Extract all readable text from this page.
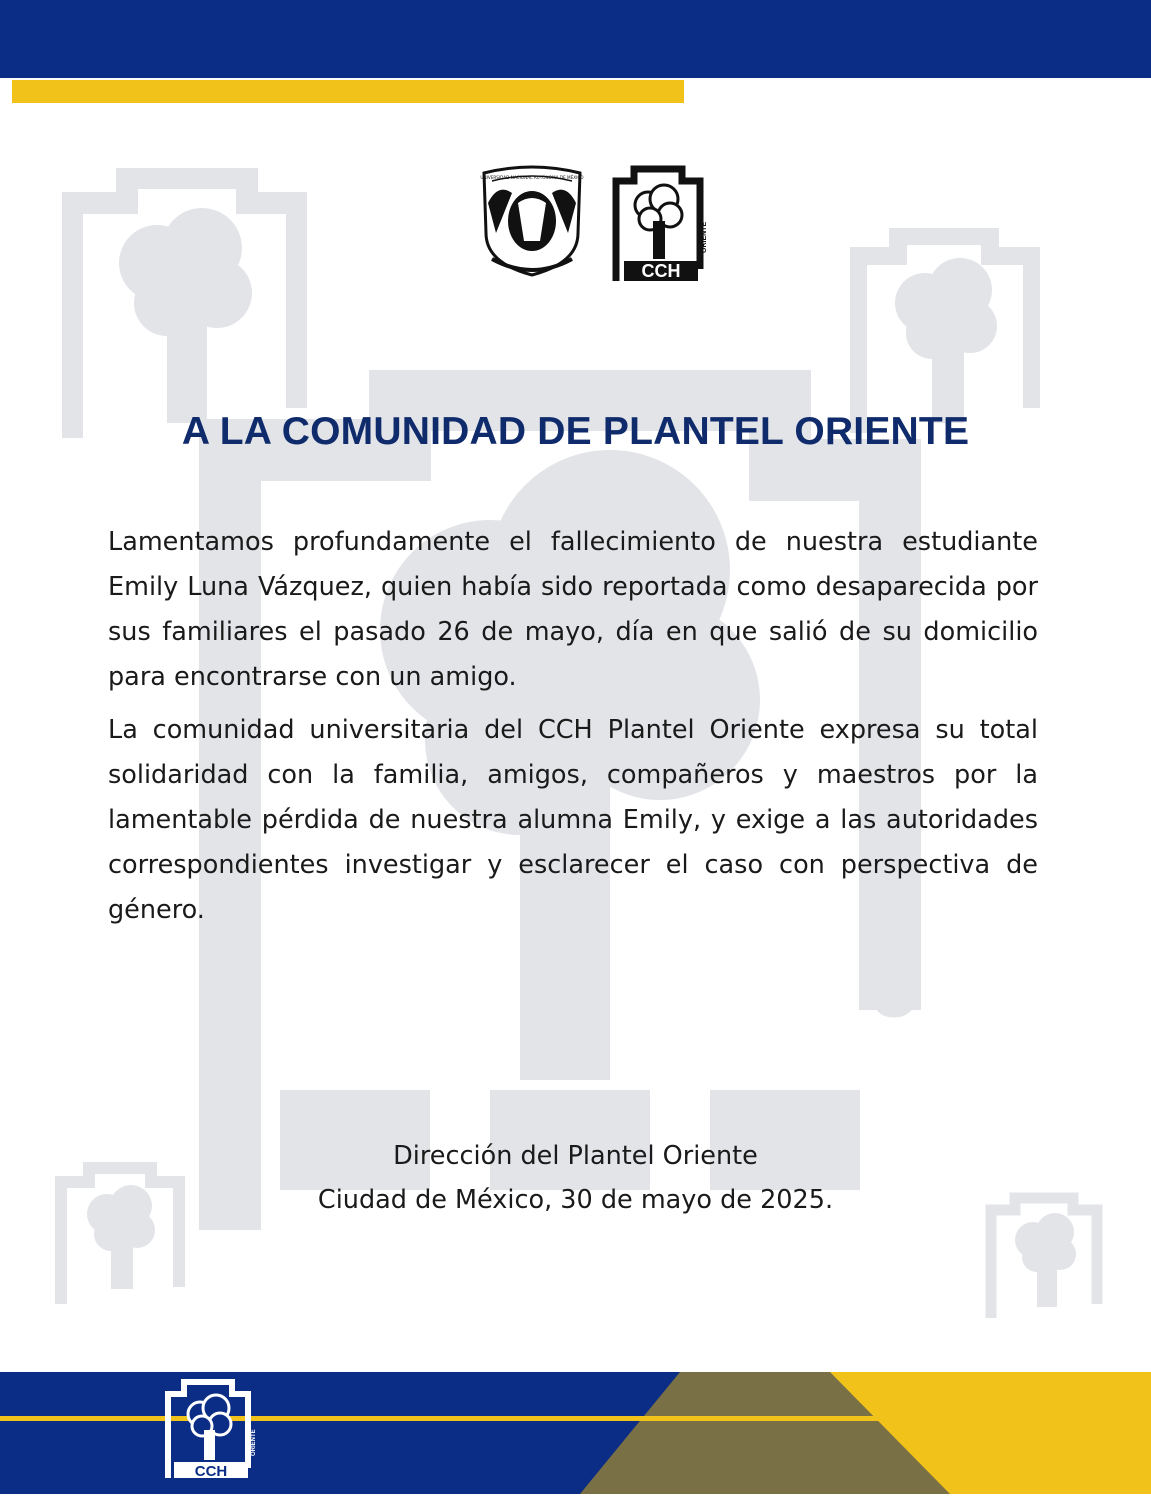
ORIENTE
ORIENTE	ORIENTE
UNIVERSIDAD NACIONAL AUTÓNOMA DE MÉXICO
CCH
ORIENTE
A LA COMUNIDAD DE PLANTEL ORIENTE

Lamentamos profundamente el fallecimiento de nuestra estudiante Emily Luna Vázquez, quien había sido reportada como desaparecida por sus familiares el pasado 26 de mayo, día en que salió de su domicilio para encontrarse con un amigo.

La comunidad universitaria del CCH Plantel Oriente expresa su total solidaridad con la familia, amigos, compañeros y maestros por la lamentable pérdida de nuestra alumna Emily, y exige a las autoridades correspondientes investigar y esclarecer el caso con perspectiva de género.

Dirección del Plantel Oriente
Ciudad de México, 30 de mayo de 2025.
CCH
ORIENTE
